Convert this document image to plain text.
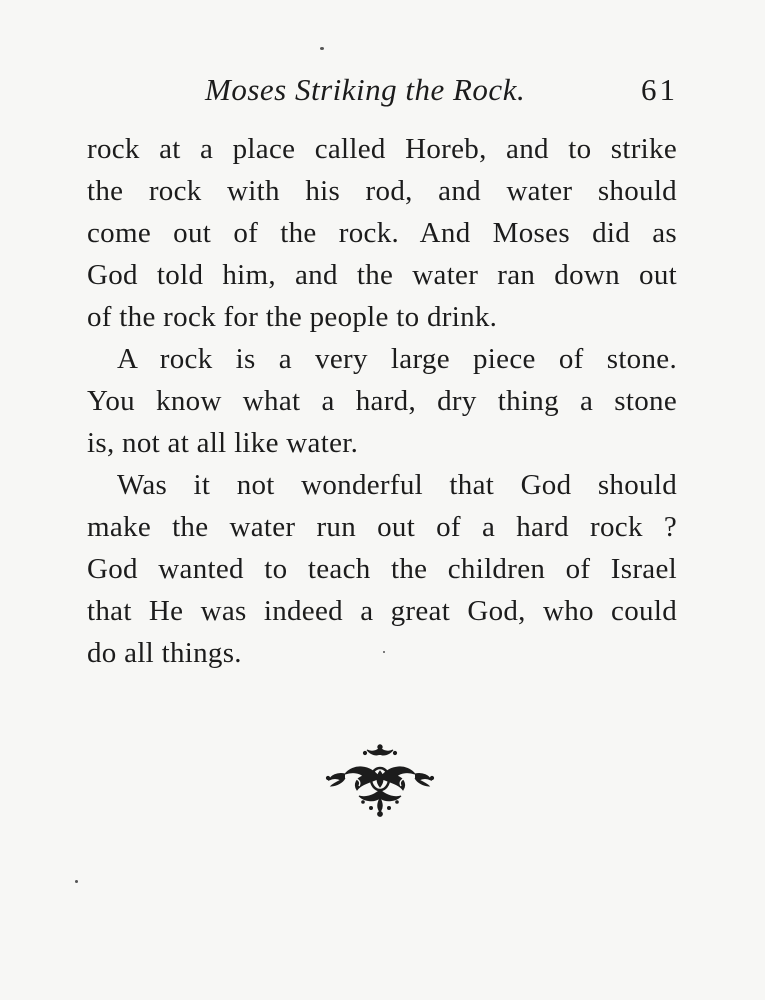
Moses Striking the Rock.	61
rock at a place called Horeb, and to strike
the rock with his rod, and water should
come out of the rock. And Moses did as
God told him, and the water ran down out
of the rock for the people to drink.
A rock is a very large piece of stone.
You know what a hard, dry thing a stone
is, not at all like water.
Was it not wonderful that God should
make the water run out of a hard rock ?
God wanted to teach the children of Israel
that He was indeed a great God, who could
do all things.
